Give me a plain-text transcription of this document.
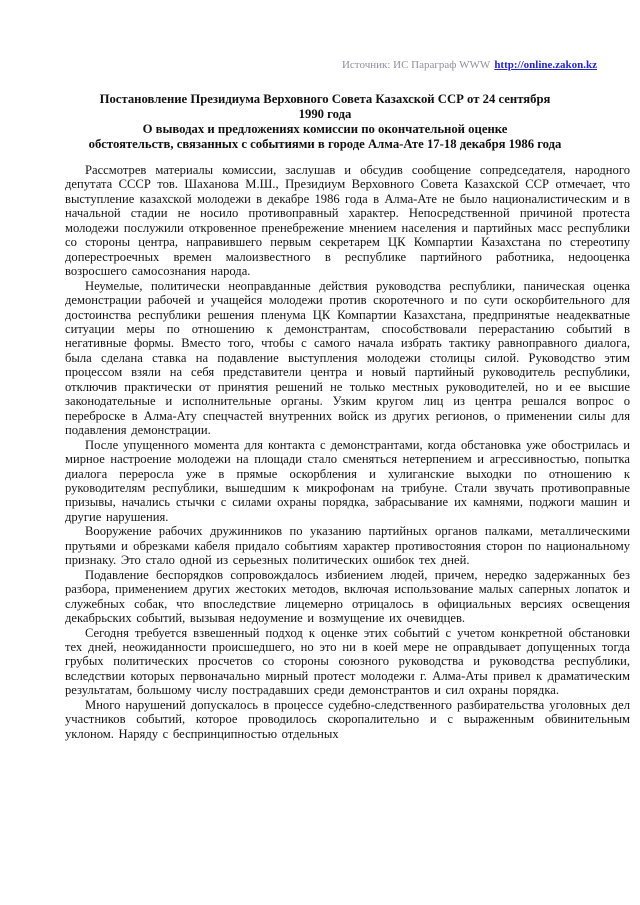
Источник: ИС Параграф WWW http://online.zakon.kz
Постановление Президиума Верховного Совета Казахской ССР от 24 сентября
1990 года
О выводах и предложениях комиссии по окончательной оценке
обстоятельств, связанных с событиями в городе Алма-Ате 17-18 декабря 1986 года

Рассмотрев материалы комиссии, заслушав и обсудив сообщение сопредседателя, народного депутата СССР тов. Шаханова М.Ш., Президиум Верховного Совета Казахской ССР отмечает, что выступление казахской молодежи в декабре 1986 года в Алма-Ате не было националистическим и в начальной стадии не носило противоправный характер. Непосредственной причиной протеста молодежи послужили откровенное пренебрежение мнением населения и партийных масс республики со стороны центра, направившего первым секретарем ЦК Компартии Казахстана по стереотипу доперестроечных времен малоизвестного в республике партийного работника, недооценка возросшего самосознания народа.

Неумелые, политически неоправданные действия руководства республики, паническая оценка демонстрации рабочей и учащейся молодежи против скоротечного и по сути оскорбительного для достоинства республики решения пленума ЦК Компартии Казахстана, предпринятые неадекватные ситуации меры по отношению к демонстрантам, способствовали перерастанию событий в негативные формы. Вместо того, чтобы с самого начала избрать тактику равноправного диалога, была сделана ставка на подавление выступления молодежи столицы силой. Руководство этим процессом взяли на себя представители центра и новый партийный руководитель республики, отключив практически от принятия решений не только местных руководителей, но и ее высшие законодательные и исполнительные органы. Узким кругом лиц из центра решался вопрос о переброске в Алма-Ату спецчастей внутренних войск из других регионов, о применении силы для подавления демонстрации.

После упущенного момента для контакта с демонстрантами, когда обстановка уже обострилась и мирное настроение молодежи на площади стало сменяться нетерпением и агрессивностью, попытка диалога переросла уже в прямые оскорбления и хулиганские выходки по отношению к руководителям республики, вышедшим к микрофонам на трибуне. Стали звучать противоправные призывы, начались стычки с силами охраны порядка, забрасывание их камнями, поджоги машин и другие нарушения.

Вооружение рабочих дружинников по указанию партийных органов палками, металлическими прутьями и обрезками кабеля придало событиям характер противостояния сторон по национальному признаку. Это стало одной из серьезных политических ошибок тех дней.

Подавление беспорядков сопровождалось избиением людей, причем, нередко задержанных без разбора, применением других жестоких методов, включая использование малых саперных лопаток и служебных собак, что впоследствие лицемерно отрицалось в официальных версиях освещения декабрьских событий, вызывая недоумение и возмущение их очевидцев.

Сегодня требуется взвешенный подход к оценке этих событий с учетом конкретной обстановки тех дней, неожиданности происшедшего, но это ни в коей мере не оправдывает допущенных тогда грубых политических просчетов со стороны союзного руководства и руководства республики, вследствии которых первоначально мирный протест молодежи г. Алма-Аты привел к драматическим результатам, большому числу пострадавших среди демонстрантов и сил охраны порядка.

Много нарушений допускалось в процессе судебно-следственного разбирательства уголовных дел участников событий, которое проводилось скоропалительно и с выраженным обвинительным уклоном. Наряду с беспринципностью отдельных
